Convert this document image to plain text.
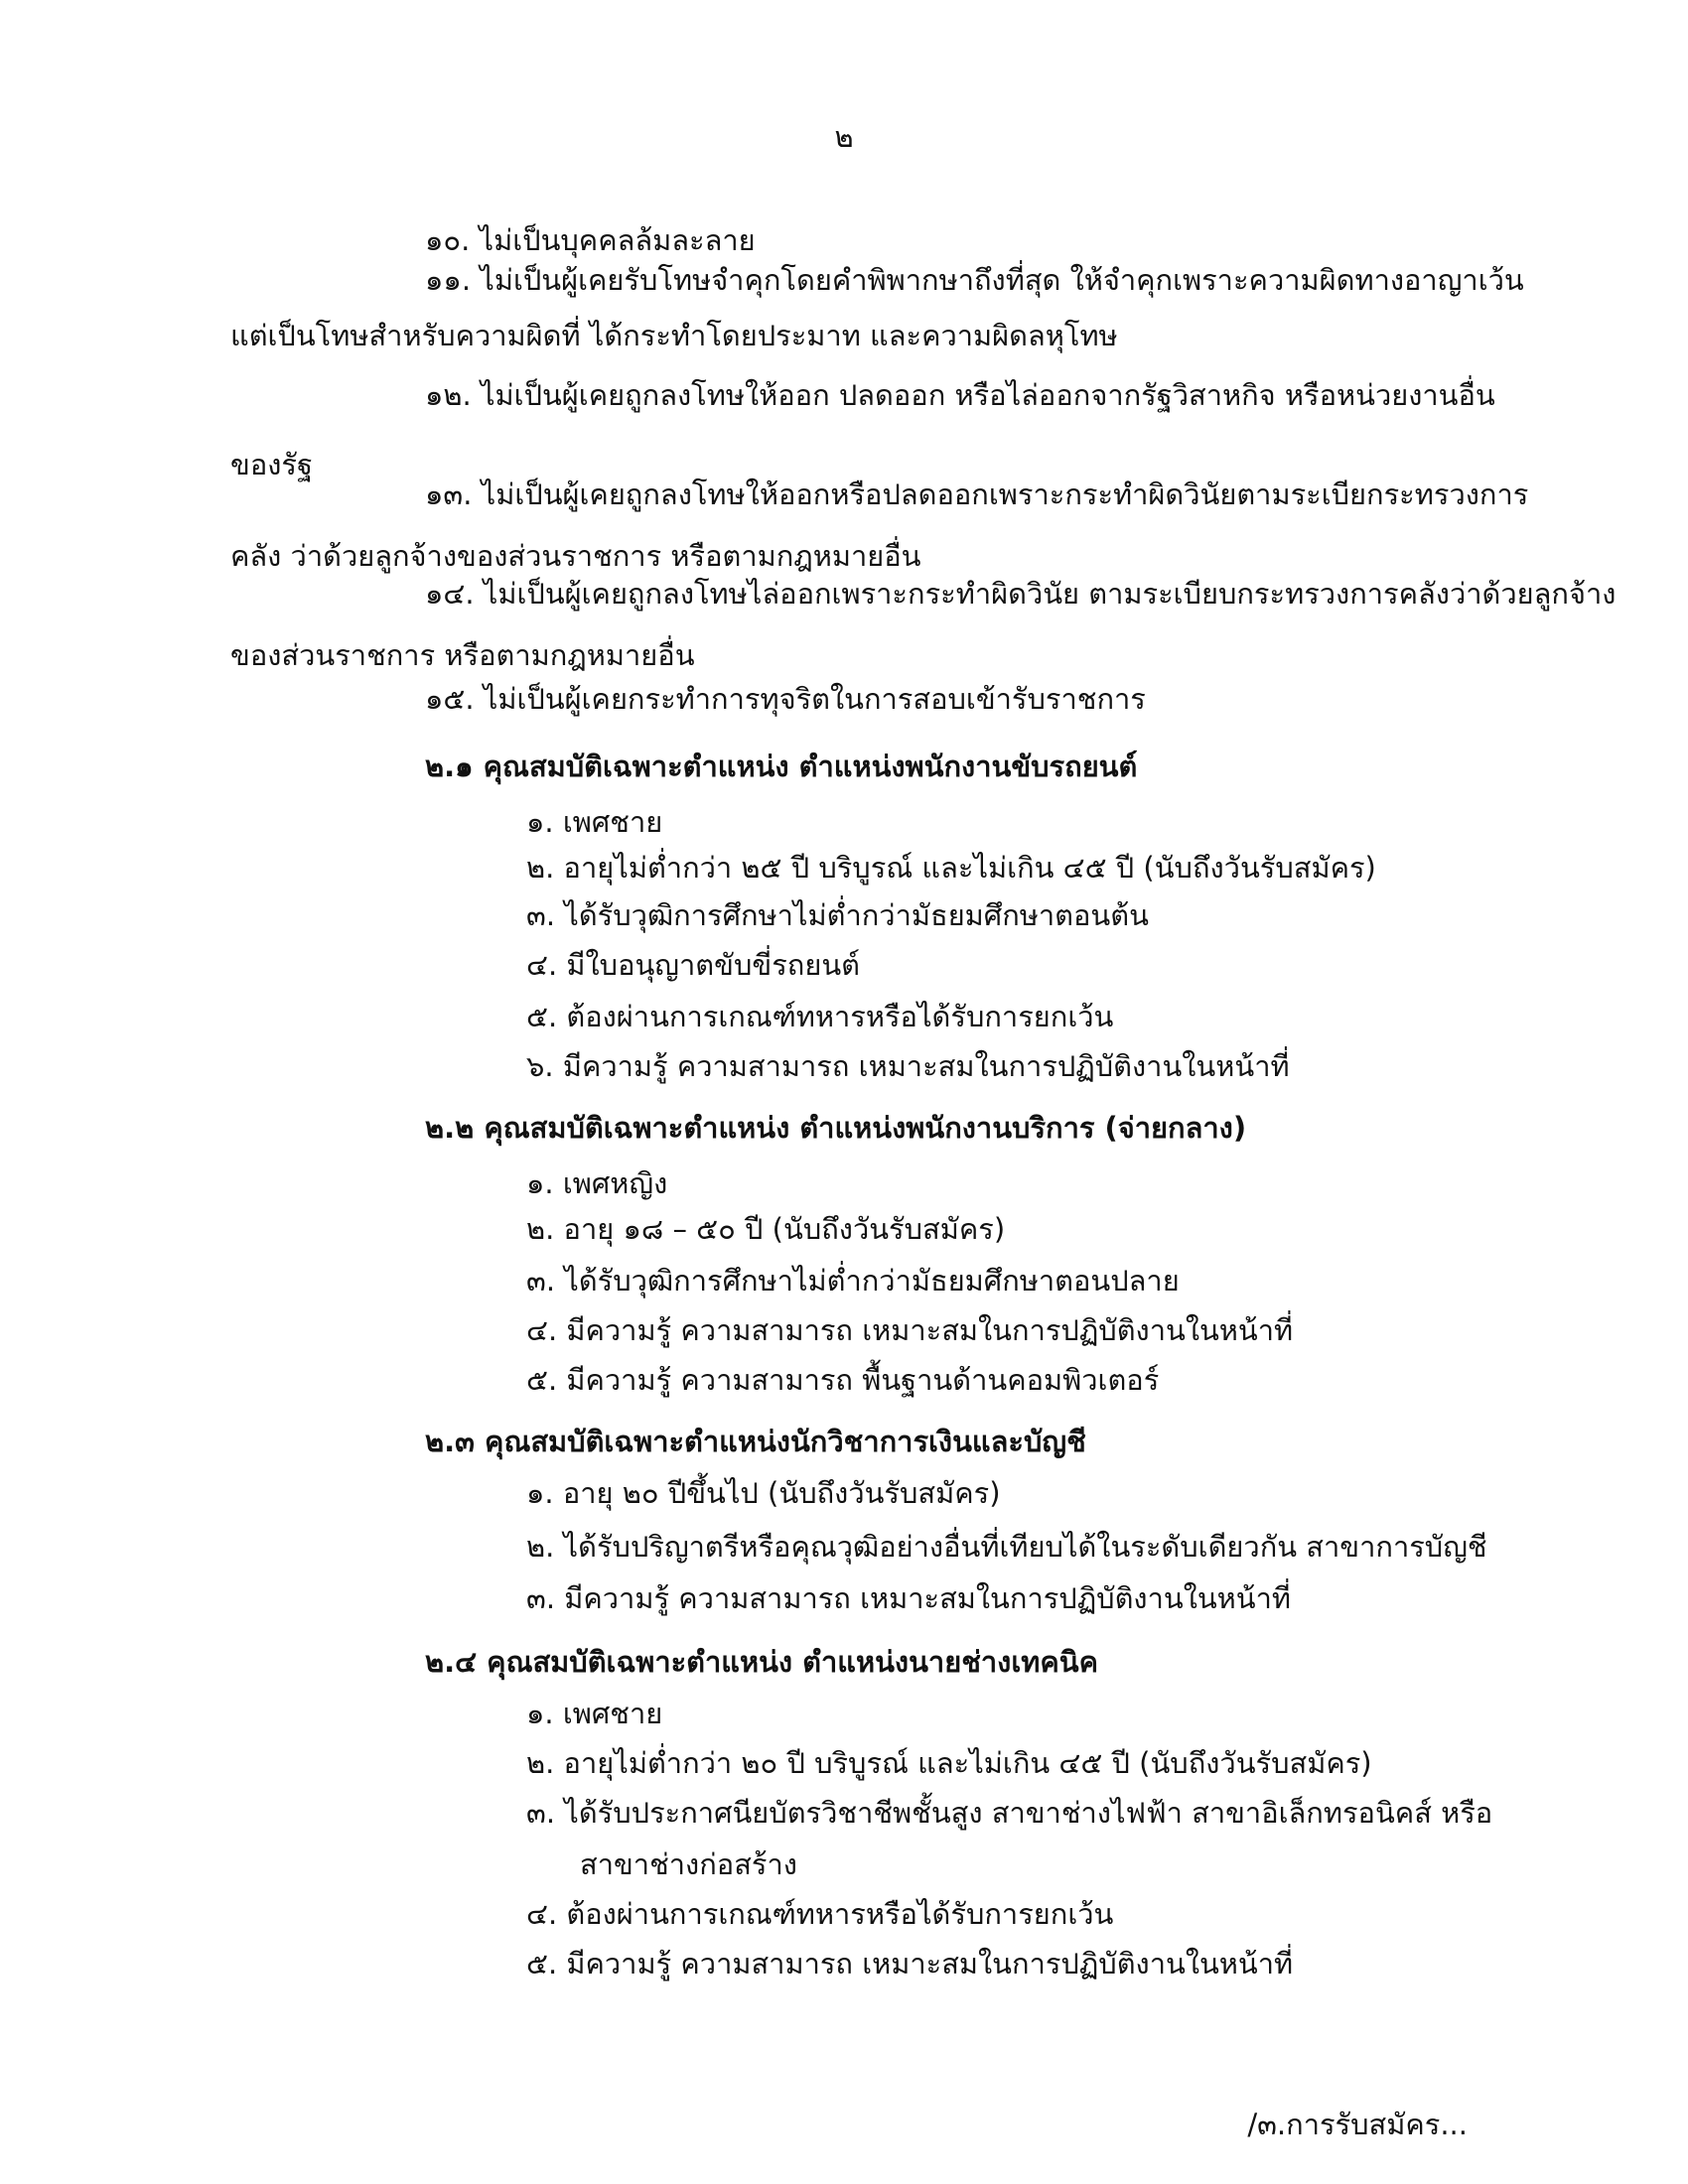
๒
๑๐. ไม่เป็นบุคคลล้มละลาย
๑๑. ไม่เป็นผู้เคยรับโทษจำคุกโดยคำพิพากษาถึงที่สุด ให้จำคุกเพราะความผิดทางอาญาเว้น
แต่เป็นโทษสำหรับความผิดที่ ได้กระทำโดยประมาท และความผิดลหุโทษ
๑๒. ไม่เป็นผู้เคยถูกลงโทษให้ออก ปลดออก หรือไล่ออกจากรัฐวิสาหกิจ หรือหน่วยงานอื่น
ของรัฐ
๑๓. ไม่เป็นผู้เคยถูกลงโทษให้ออกหรือปลดออกเพราะกระทำผิดวินัยตามระเบียกระทรวงการ
คลัง ว่าด้วยลูกจ้างของส่วนราชการ หรือตามกฎหมายอื่น
๑๔. ไม่เป็นผู้เคยถูกลงโทษไล่ออกเพราะกระทำผิดวินัย ตามระเบียบกระทรวงการคลังว่าด้วยลูกจ้าง
ของส่วนราชการ หรือตามกฎหมายอื่น
๑๕. ไม่เป็นผู้เคยกระทำการทุจริตในการสอบเข้ารับราชการ
๒.๑ คุณสมบัติเฉพาะตำแหน่ง ตำแหน่งพนักงานขับรถยนต์
๑. เพศชาย
๒. อายุไม่ต่ำกว่า ๒๕ ปี บริบูรณ์ และไม่เกิน ๔๕ ปี (นับถึงวันรับสมัคร)
๓. ได้รับวุฒิการศึกษาไม่ต่ำกว่ามัธยมศึกษาตอนต้น
๔. มีใบอนุญาตขับขี่รถยนต์
๕. ต้องผ่านการเกณฑ์ทหารหรือได้รับการยกเว้น
๖. มีความรู้ ความสามารถ เหมาะสมในการปฏิบัติงานในหน้าที่
๒.๒ คุณสมบัติเฉพาะตำแหน่ง ตำแหน่งพนักงานบริการ (จ่ายกลาง)
๑. เพศหญิง
๒. อายุ ๑๘ – ๕๐ ปี (นับถึงวันรับสมัคร)
๓. ได้รับวุฒิการศึกษาไม่ต่ำกว่ามัธยมศึกษาตอนปลาย
๔. มีความรู้ ความสามารถ เหมาะสมในการปฏิบัติงานในหน้าที่
๕. มีความรู้ ความสามารถ พื้นฐานด้านคอมพิวเตอร์
๒.๓ คุณสมบัติเฉพาะตำแหน่งนักวิชาการเงินและบัญชี
๑. อายุ ๒๐ ปีขึ้นไป (นับถึงวันรับสมัคร)
๒. ได้รับปริญาตรีหรือคุณวุฒิอย่างอื่นที่เทียบได้ในระดับเดียวกัน สาขาการบัญชี
๓. มีความรู้ ความสามารถ เหมาะสมในการปฏิบัติงานในหน้าที่
๒.๔ คุณสมบัติเฉพาะตำแหน่ง ตำแหน่งนายช่างเทคนิค
๑. เพศชาย
๒. อายุไม่ต่ำกว่า ๒๐ ปี บริบูรณ์ และไม่เกิน ๔๕ ปี (นับถึงวันรับสมัคร)
๓. ได้รับประกาศนียบัตรวิชาชีพชั้นสูง สาขาช่างไฟฟ้า สาขาอิเล็กทรอนิคส์ หรือ
สาขาช่างก่อสร้าง
๔. ต้องผ่านการเกณฑ์ทหารหรือได้รับการยกเว้น
๕. มีความรู้ ความสามารถ เหมาะสมในการปฏิบัติงานในหน้าที่
/๓.การรับสมัคร...
